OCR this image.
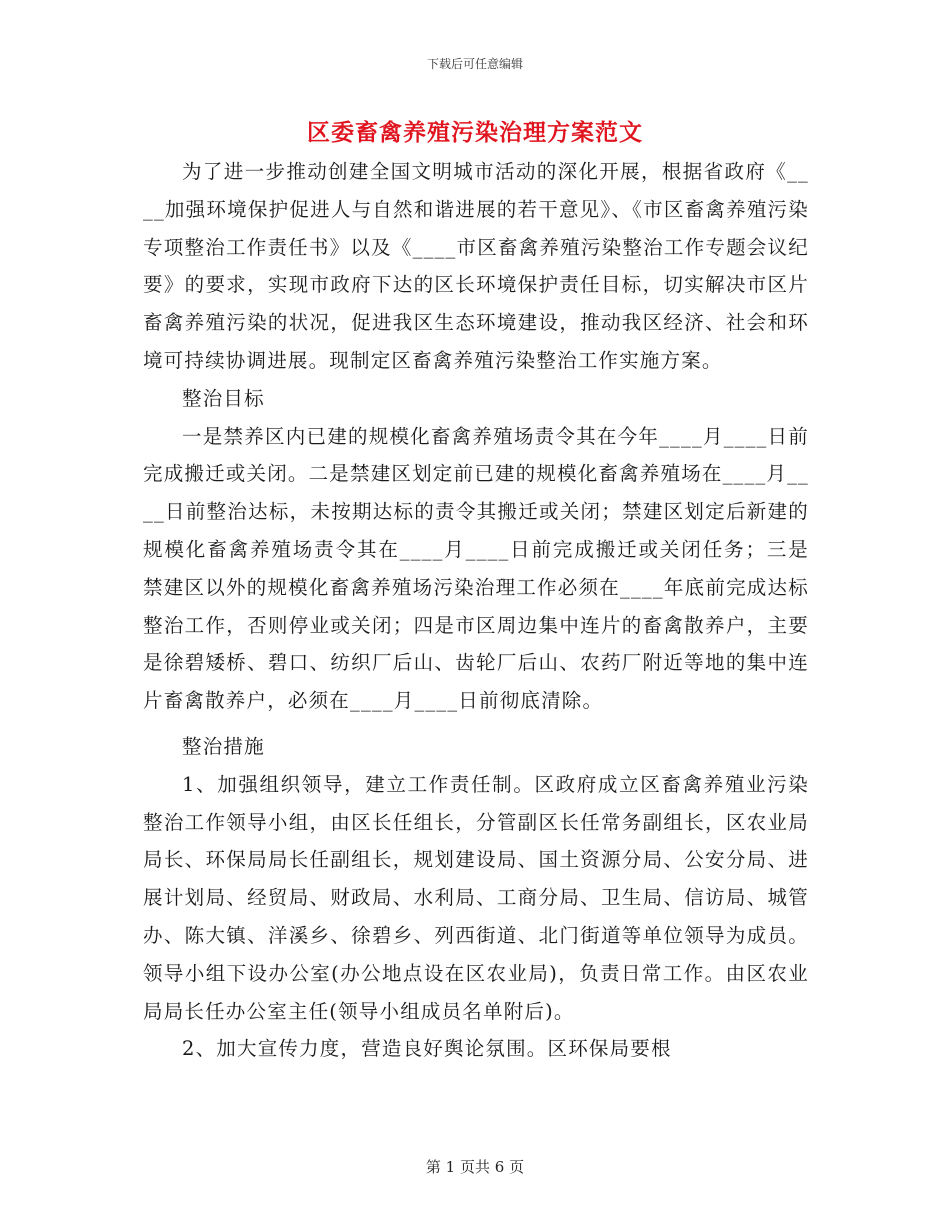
下载后可任意编辑
区委畜禽养殖污染治理方案范文

为了进一步推动创建全国文明城市活动的深化开展，根据省政府《____加强环境保护促进人与自然和谐进展的若干意见》、《市区畜禽养殖污染专项整治工作责任书》以及《____市区畜禽养殖污染整治工作专题会议纪要》的要求，实现市政府下达的区长环境保护责任目标，切实解决市区片畜禽养殖污染的状况，促进我区生态环境建设，推动我区经济、社会和环境可持续协调进展。现制定区畜禽养殖污染整治工作实施方案。

整治目标

一是禁养区内已建的规模化畜禽养殖场责令其在今年____月____日前完成搬迁或关闭。二是禁建区划定前已建的规模化畜禽养殖场在____月____日前整治达标，未按期达标的责令其搬迁或关闭；禁建区划定后新建的规模化畜禽养殖场责令其在____月____日前完成搬迁或关闭任务；三是禁建区以外的规模化畜禽养殖场污染治理工作必须在____年底前完成达标整治工作，否则停业或关闭；四是市区周边集中连片的畜禽散养户，主要是徐碧矮桥、碧口、纺织厂后山、齿轮厂后山、农药厂附近等地的集中连片畜禽散养户，必须在____月____日前彻底清除。

整治措施

1、加强组织领导，建立工作责任制。区政府成立区畜禽养殖业污染整治工作领导小组，由区长任组长，分管副区长任常务副组长，区农业局局长、环保局局长任副组长，规划建设局、国土资源分局、公安分局、进展计划局、经贸局、财政局、水利局、工商分局、卫生局、信访局、城管办、陈大镇、洋溪乡、徐碧乡、列西街道、北门街道等单位领导为成员。领导小组下设办公室(办公地点设在区农业局)，负责日常工作。由区农业局局长任办公室主任(领导小组成员名单附后)。

2、加大宣传力度，营造良好舆论氛围。区环保局要根

第 1 页共 6 页
